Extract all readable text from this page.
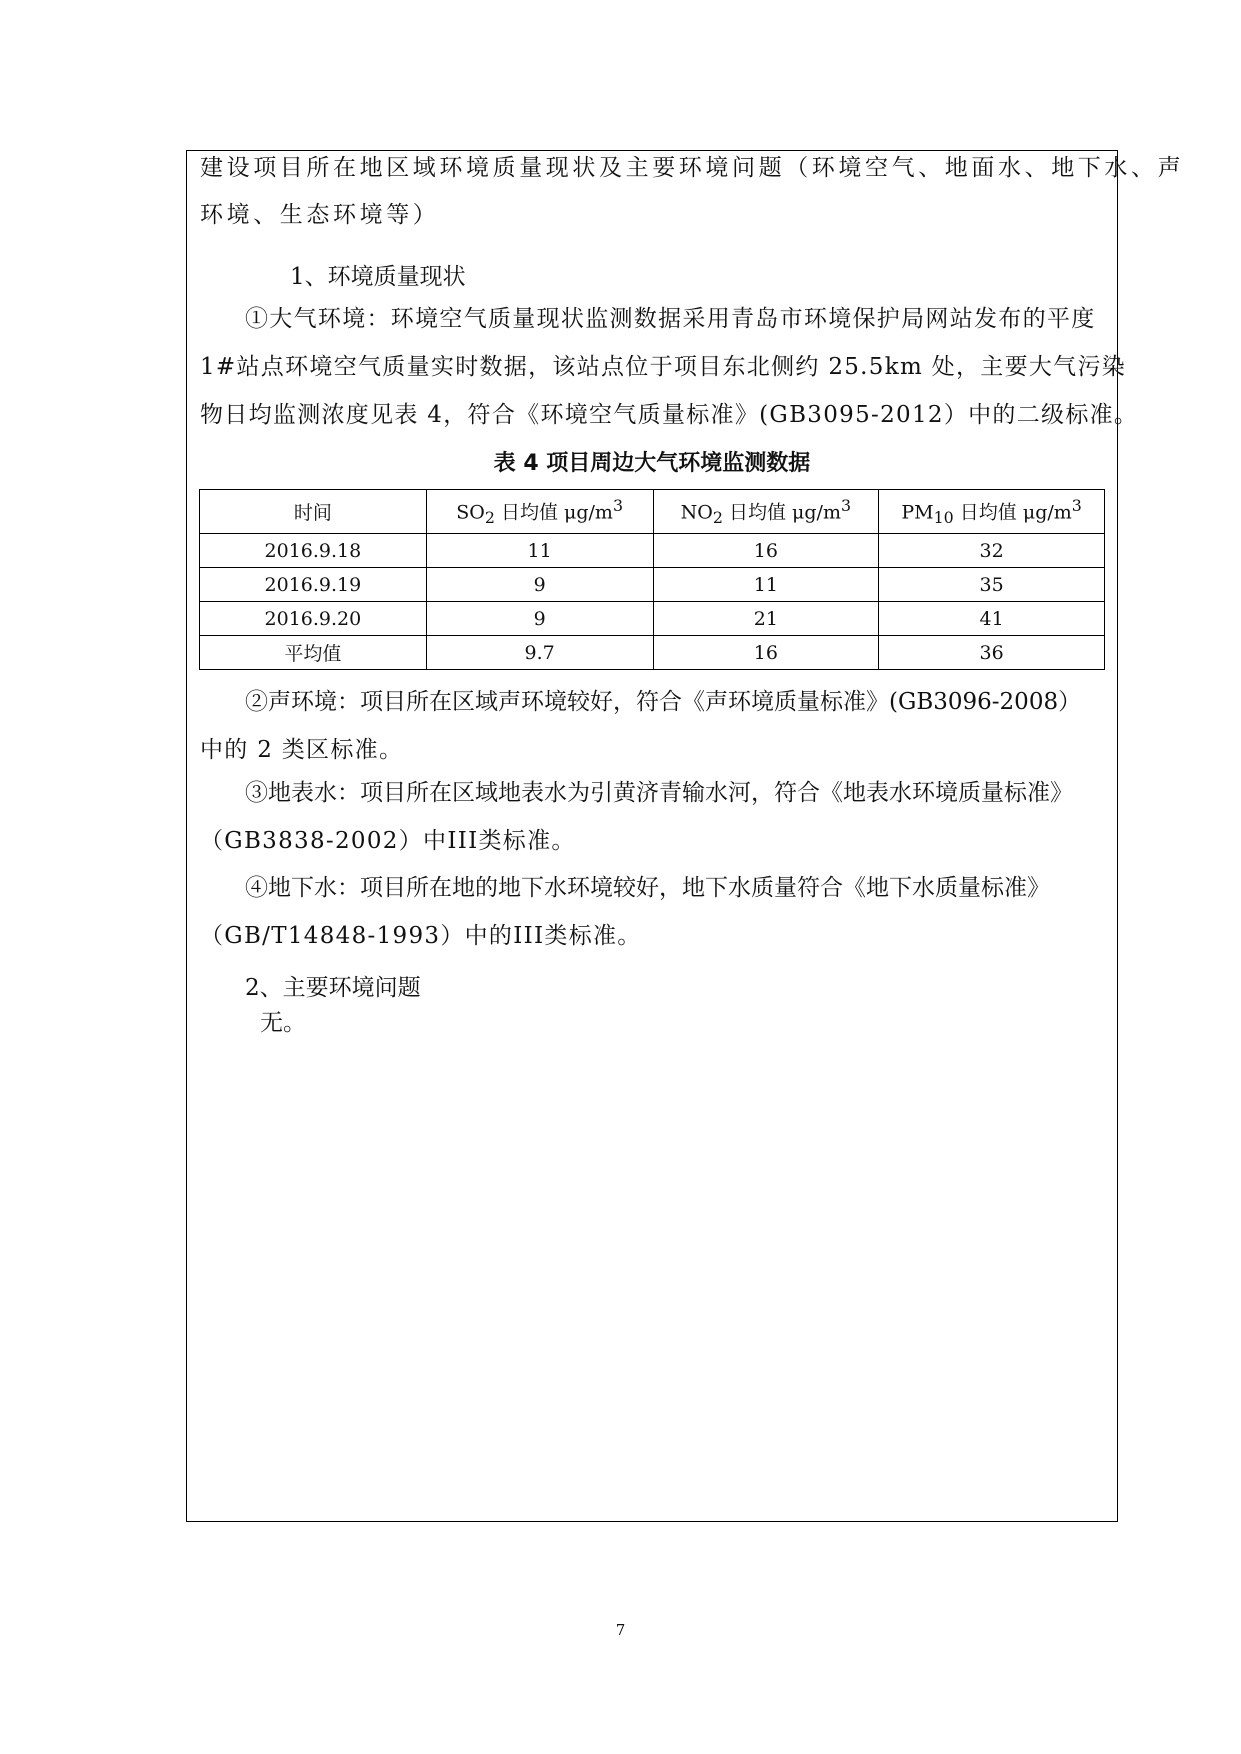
建设项目所在地区域环境质量现状及主要环境问题（环境空气、地面水、地下水、声
环境、生态环境等）
1、环境质量现状
①大气环境：环境空气质量现状监测数据采用青岛市环境保护局网站发布的平度
1#站点环境空气质量实时数据，该站点位于项目东北侧约 25.5km 处，主要大气污染
物日均监测浓度见表 4，符合《环境空气质量标准》(GB3095-2012）中的二级标准。
表 4 项目周边大气环境监测数据
时间	$SO_2$ 日均值 $\mu g/m^3$	$NO_2$ 日均值 $\mu g/m^3$	$PM_{10}$ 日均值 $\mu g/m^3$
2016.9.18	11	16	32
2016.9.19	9	11	35
2016.9.20	9	21	41
平均值	9.7	16	36
②声环境：项目所在区域声环境较好，符合《声环境质量标准》(GB3096-2008）
中的 2 类区标准。
③地表水：项目所在区域地表水为引黄济青输水河，符合《地表水环境质量标准》
（GB3838-2002）中III类标准。
④地下水：项目所在地的地下水环境较好，地下水质量符合《地下水质量标准》
（GB/T14848-1993）中的III类标准。
2、主要环境问题
无。
7
